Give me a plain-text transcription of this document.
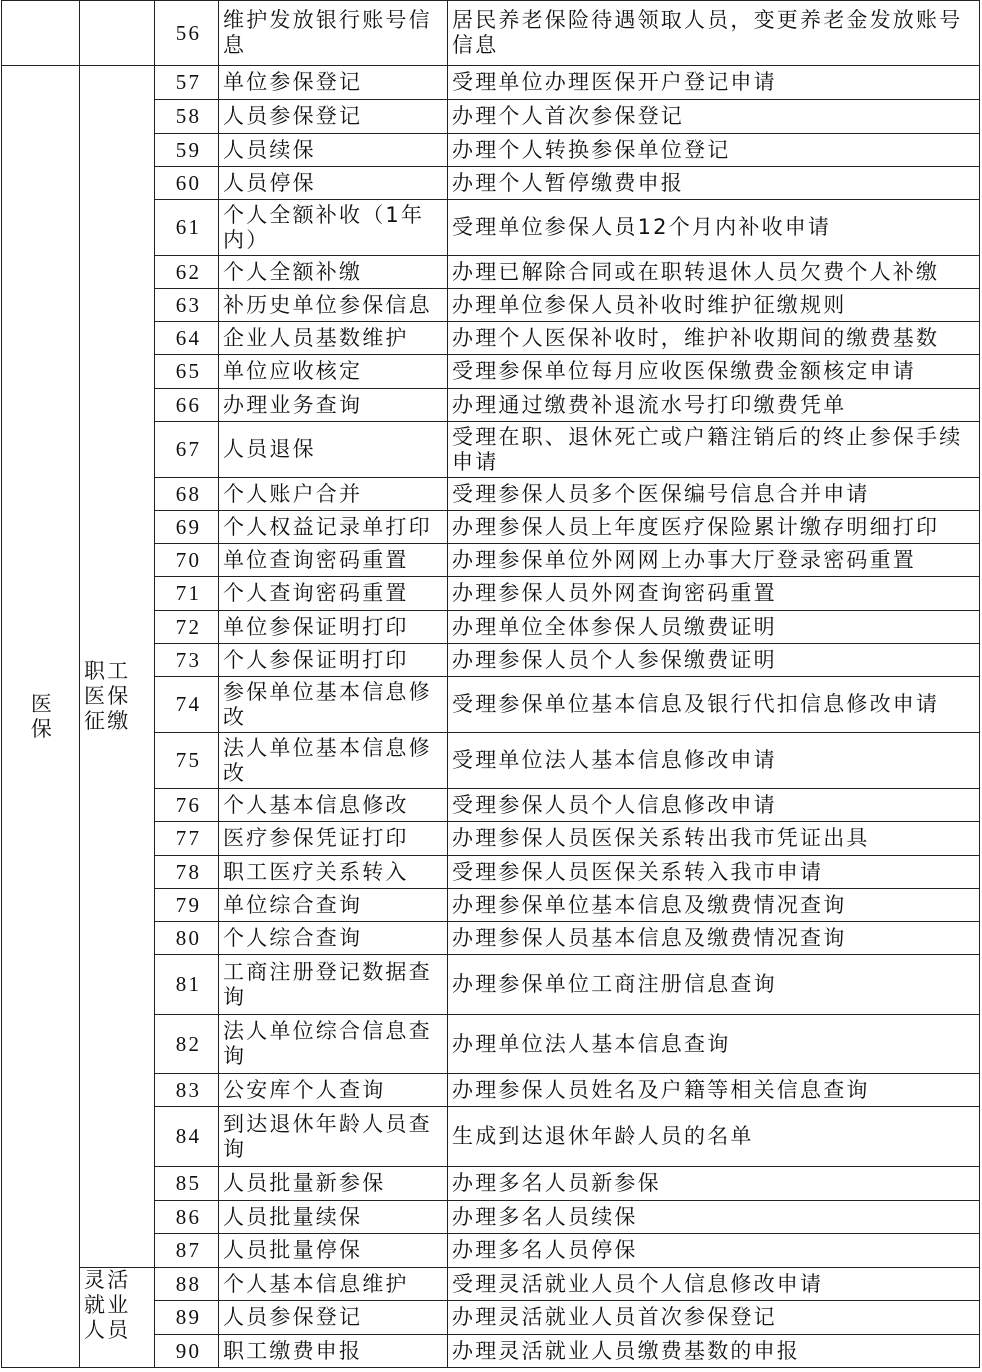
		56	维护发放银行账号信息	居民养老保险待遇领取人员，变更养老金发放账号信息
医保	职工医保征缴	57	单位参保登记	受理单位办理医保开户登记申请
		58	人员参保登记	办理个人首次参保登记
		59	人员续保	办理个人转换参保单位登记
		60	人员停保	办理个人暂停缴费申报
		61	个人全额补收（1年内）	受理单位参保人员12个月内补收申请
		62	个人全额补缴	办理已解除合同或在职转退休人员欠费个人补缴
		63	补历史单位参保信息	办理单位参保人员补收时维护征缴规则
		64	企业人员基数维护	办理个人医保补收时，维护补收期间的缴费基数
		65	单位应收核定	受理参保单位每月应收医保缴费金额核定申请
		66	办理业务查询	办理通过缴费补退流水号打印缴费凭单
		67	人员退保	受理在职、退休死亡或户籍注销后的终止参保手续申请
		68	个人账户合并	受理参保人员多个医保编号信息合并申请
		69	个人权益记录单打印	办理参保人员上年度医疗保险累计缴存明细打印
		70	单位查询密码重置	办理参保单位外网网上办事大厅登录密码重置
		71	个人查询密码重置	办理参保人员外网查询密码重置
		72	单位参保证明打印	办理单位全体参保人员缴费证明
		73	个人参保证明打印	办理参保人员个人参保缴费证明
		74	参保单位基本信息修改	受理参保单位基本信息及银行代扣信息修改申请
		75	法人单位基本信息修改	受理单位法人基本信息修改申请
		76	个人基本信息修改	受理参保人员个人信息修改申请
		77	医疗参保凭证打印	办理参保人员医保关系转出我市凭证出具
		78	职工医疗关系转入	受理参保人员医保关系转入我市申请
		79	单位综合查询	办理参保单位基本信息及缴费情况查询
		80	个人综合查询	办理参保人员基本信息及缴费情况查询
		81	工商注册登记数据查询	办理参保单位工商注册信息查询
		82	法人单位综合信息查询	办理单位法人基本信息查询
		83	公安库个人查询	办理参保人员姓名及户籍等相关信息查询
		84	到达退休年龄人员查询	生成到达退休年龄人员的名单
		85	人员批量新参保	办理多名人员新参保
		86	人员批量续保	办理多名人员续保
		87	人员批量停保	办理多名人员停保
	灵活就业人员	88	个人基本信息维护	受理灵活就业人员个人信息修改申请
		89	人员参保登记	办理灵活就业人员首次参保登记
		90	职工缴费申报	办理灵活就业人员缴费基数的申报
